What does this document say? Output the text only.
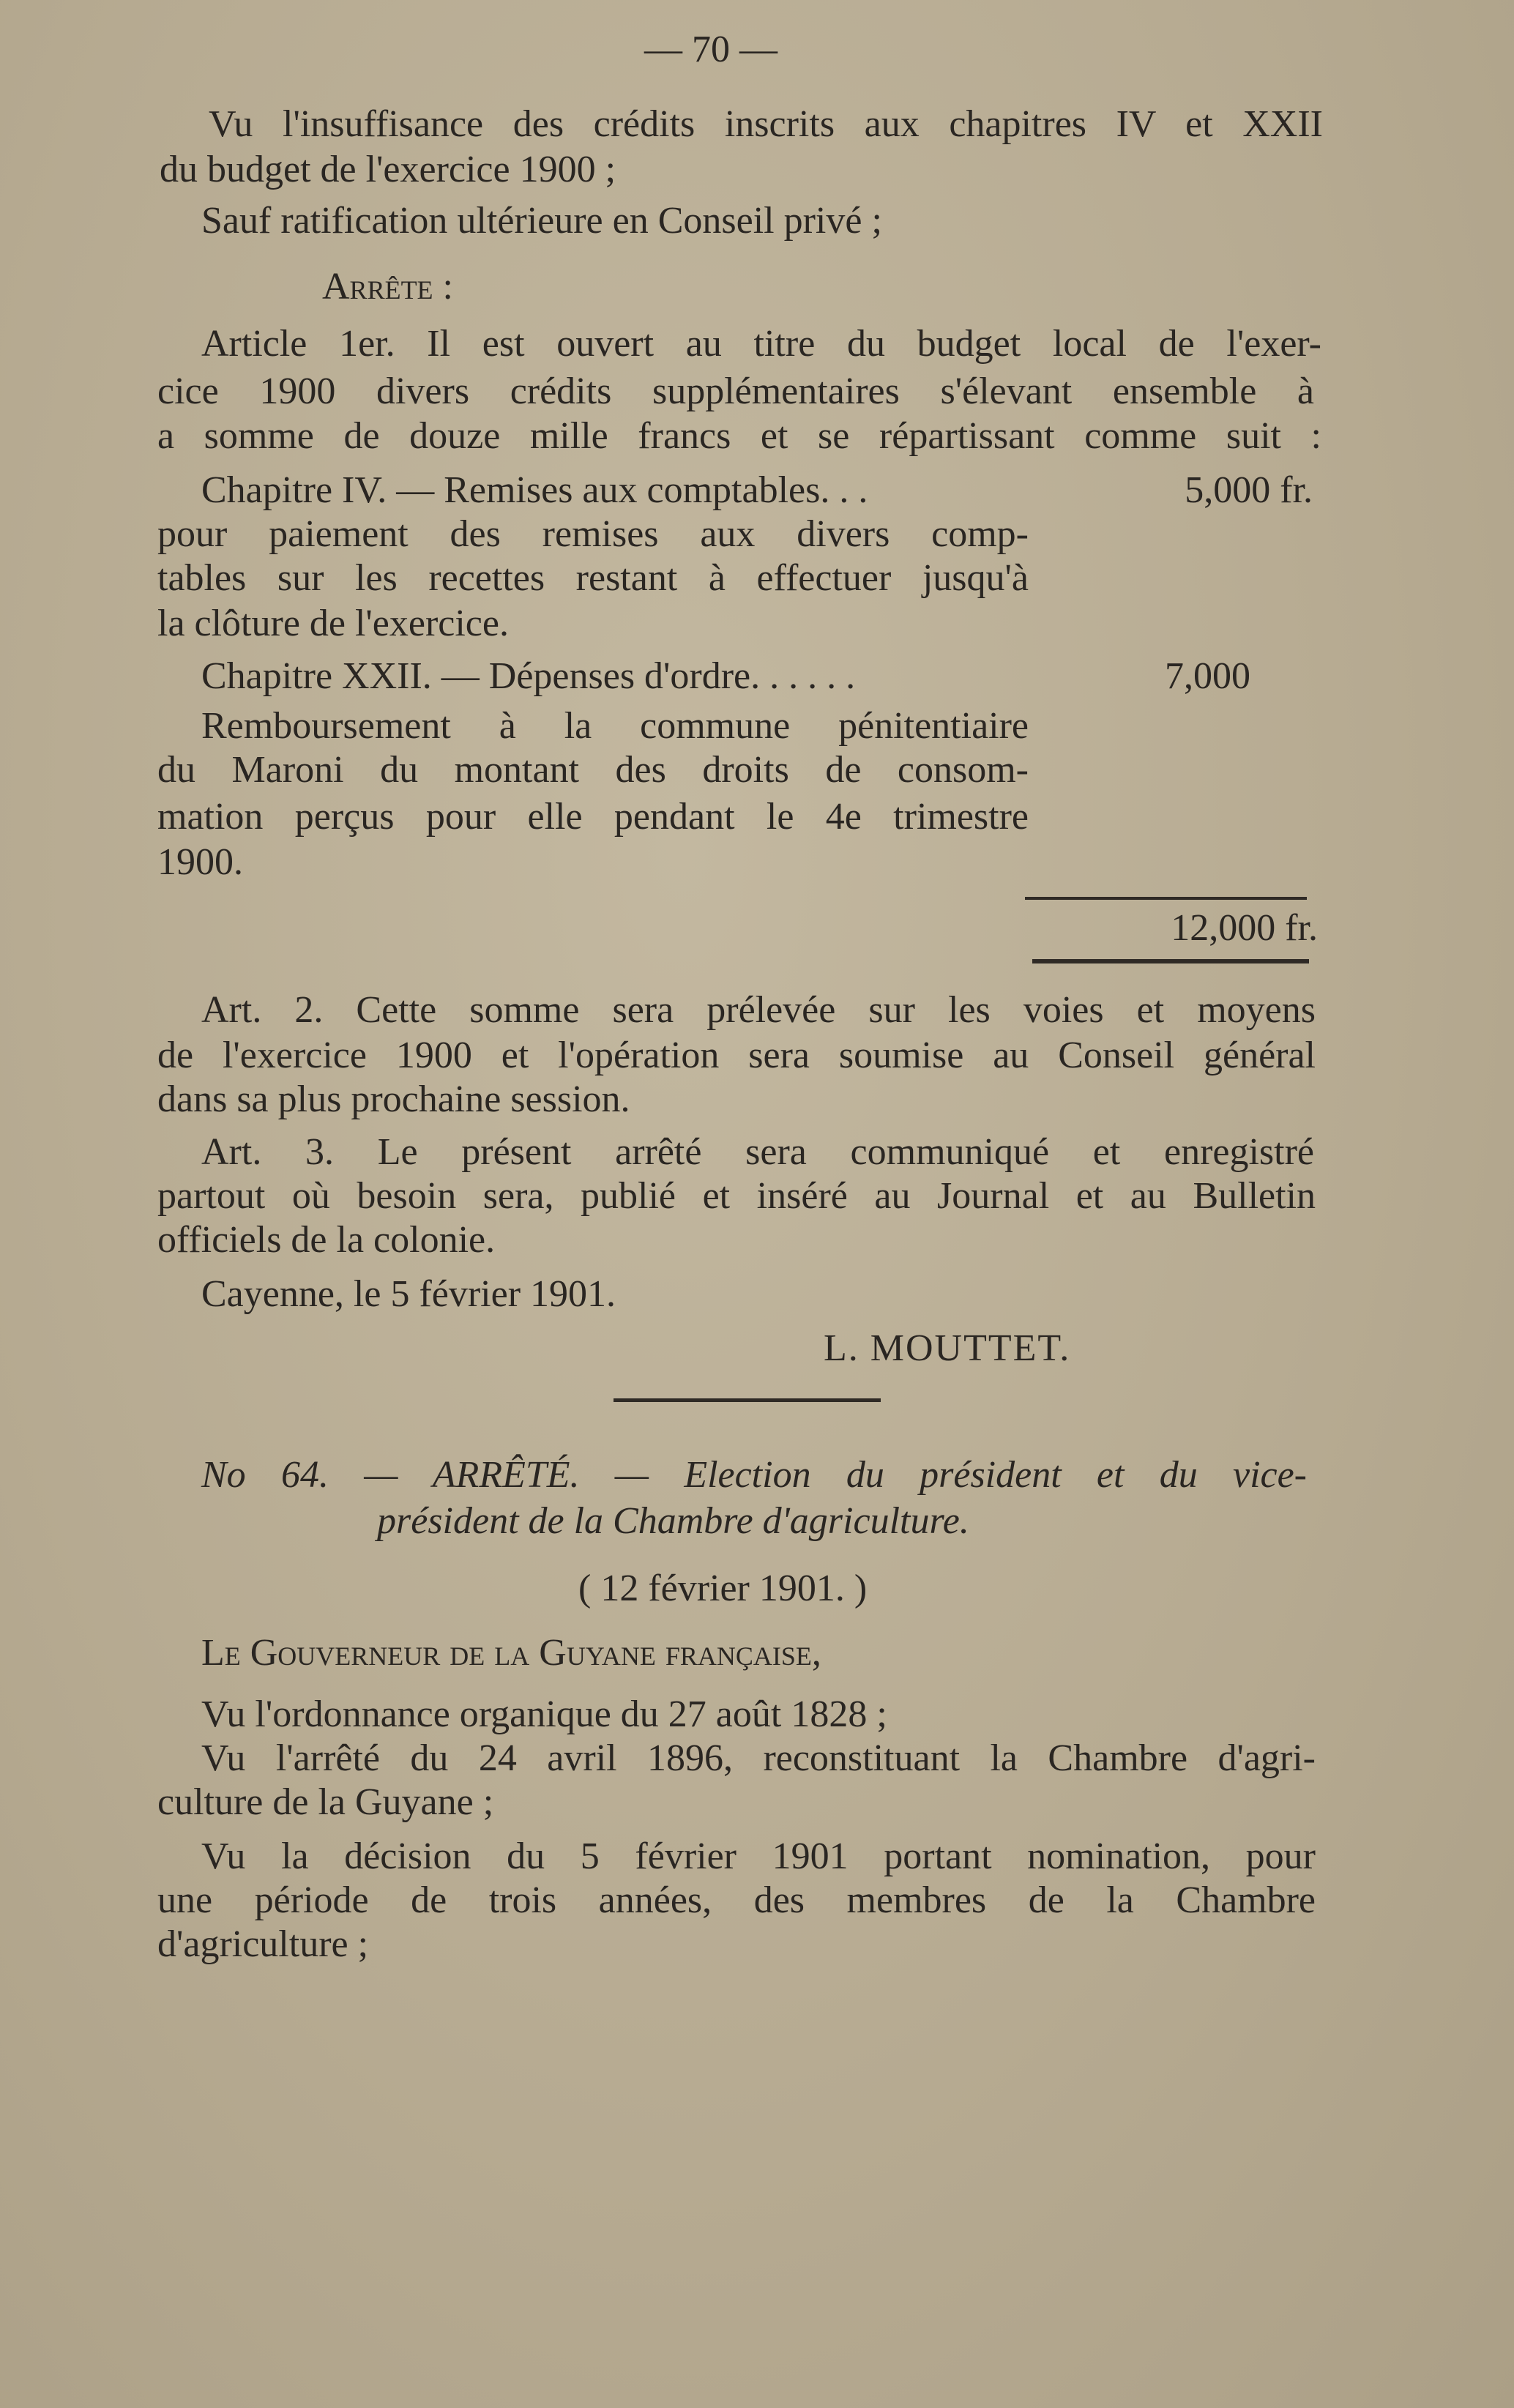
— 70 —
Vu l'insuffisance des crédits inscrits aux chapitres IV et XXII
du budget de l'exercice 1900 ;
Sauf ratification ultérieure en Conseil privé ;
Arrête :
Article 1er. Il est ouvert au titre du budget local de l'exer-
cice 1900 divers crédits supplémentaires s'élevant ensemble à
a somme de douze mille francs et se répartissant comme suit :
Chapitre IV. — Remises aux comptables. . .	5,000 fr.
pour paiement des remises aux divers comp-
tables sur les recettes restant à effectuer jusqu'à
la clôture de l'exercice.
Chapitre XXII. — Dépenses d'ordre. . . . . .	7,000
Remboursement à la commune pénitentiaire
du Maroni du montant des droits de consom-
mation perçus pour elle pendant le 4e trimestre
1900.
12,000 fr.
Art. 2. Cette somme sera prélevée sur les voies et moyens
de l'exercice 1900 et l'opération sera soumise au Conseil général
dans sa plus prochaine session.
Art. 3. Le présent arrêté sera communiqué et enregistré
partout où besoin sera, publié et inséré au Journal et au Bulletin
officiels de la colonie.
Cayenne, le 5 février 1901.
L. MOUTTET.
No 64. — ARRÊTÉ. — Election du président et du vice-
président de la Chambre d'agriculture.
( 12 février 1901. )
Le Gouverneur de la Guyane française,
Vu l'ordonnance organique du 27 août 1828 ;
Vu l'arrêté du 24 avril 1896, reconstituant la Chambre d'agri-
culture de la Guyane ;
Vu la décision du 5 février 1901 portant nomination, pour
une période de trois années, des membres de la Chambre
d'agriculture ;
